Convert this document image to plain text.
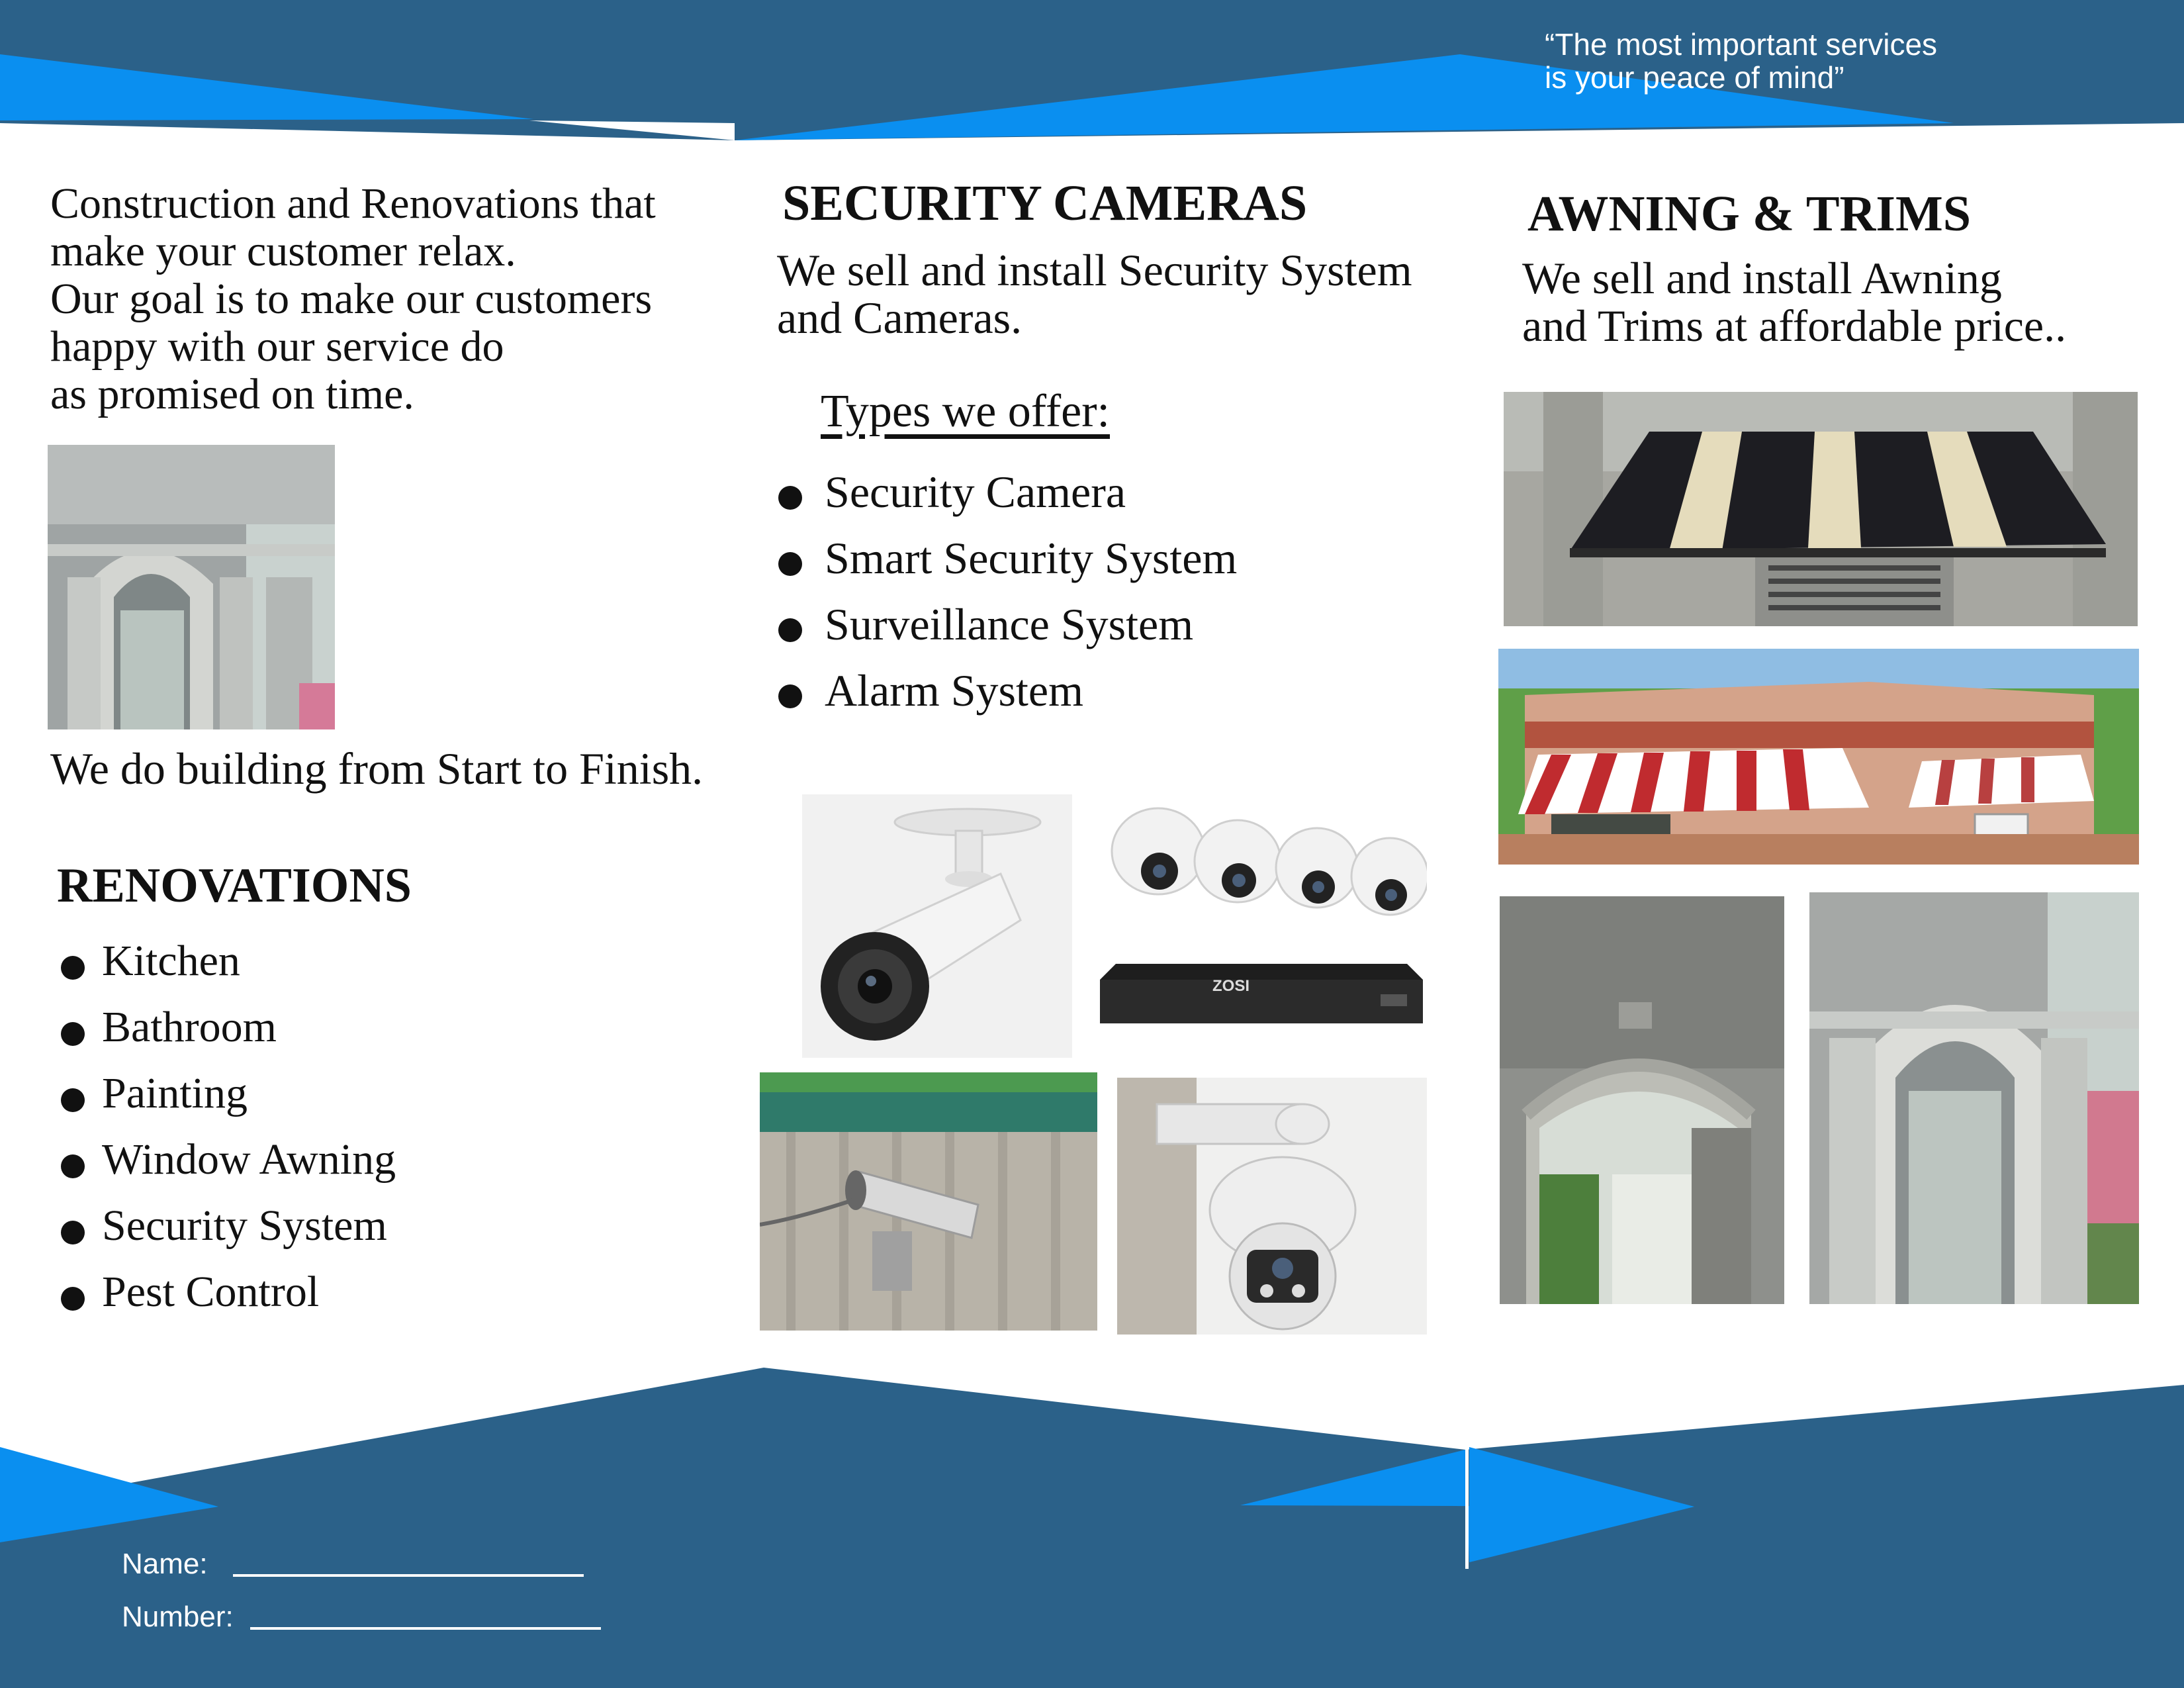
“The most important services
is your peace of mind”
Construction and Renovations that
make your customer relax.
Our goal is to make our customers
happy with our service do
as promised on time.
We do building from Start to Finish.
RENOVATIONS
Kitchen
Bathroom
Painting
Window Awning
Security System
Pest Control
SECURITY CAMERAS
We sell and install Security System
and Cameras.
Types we offer:
Security Camera
Smart Security System
Surveillance System
Alarm System
ZOSI
AWNING & TRIMS
We sell and install Awning
and Trims at affordable price..
Name:
Number:
